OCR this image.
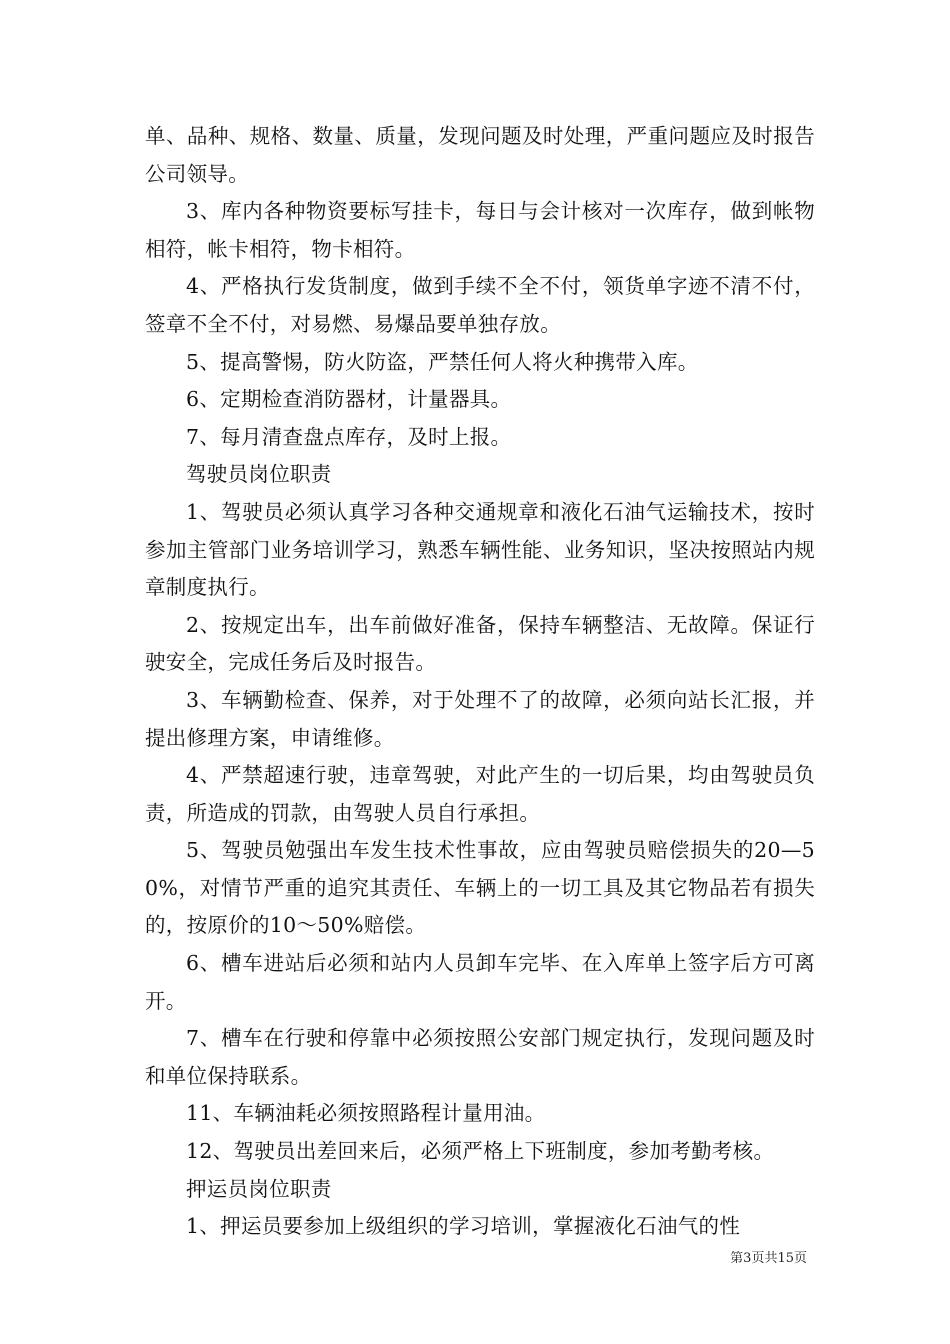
单、品种、规格、数量、质量，发现问题及时处理，严重问题应及时报告公司领导。

3、库内各种物资要标写挂卡，每日与会计核对一次库存，做到帐物相符，帐卡相符，物卡相符。

4、严格执行发货制度，做到手续不全不付，领货单字迹不清不付，签章不全不付，对易燃、易爆品要单独存放。

5、提高警惕，防火防盗，严禁任何人将火种携带入库。

6、定期检查消防器材，计量器具。

7、每月清查盘点库存，及时上报。

驾驶员岗位职责

1、驾驶员必须认真学习各种交通规章和液化石油气运输技术，按时参加主管部门业务培训学习，熟悉车辆性能、业务知识，坚决按照站内规章制度执行。

2、按规定出车，出车前做好准备，保持车辆整洁、无故障。保证行驶安全，完成任务后及时报告。

3、车辆勤检查、保养，对于处理不了的故障，必须向站长汇报，并提出修理方案，申请维修。

4、严禁超速行驶，违章驾驶，对此产生的一切后果，均由驾驶员负责，所造成的罚款，由驾驶人员自行承担。

5、驾驶员勉强出车发生技术性事故，应由驾驶员赔偿损失的20—50%，对情节严重的追究其责任、车辆上的一切工具及其它物品若有损失的，按原价的10～50%赔偿。

6、槽车进站后必须和站内人员卸车完毕、在入库单上签字后方可离开。

7、槽车在行驶和停靠中必须按照公安部门规定执行，发现问题及时和单位保持联系。

11、车辆油耗必须按照路程计量用油。

12、驾驶员出差回来后，必须严格上下班制度，参加考勤考核。

押运员岗位职责

1、押运员要参加上级组织的学习培训，掌握液化石油气的性

第3页共15页
